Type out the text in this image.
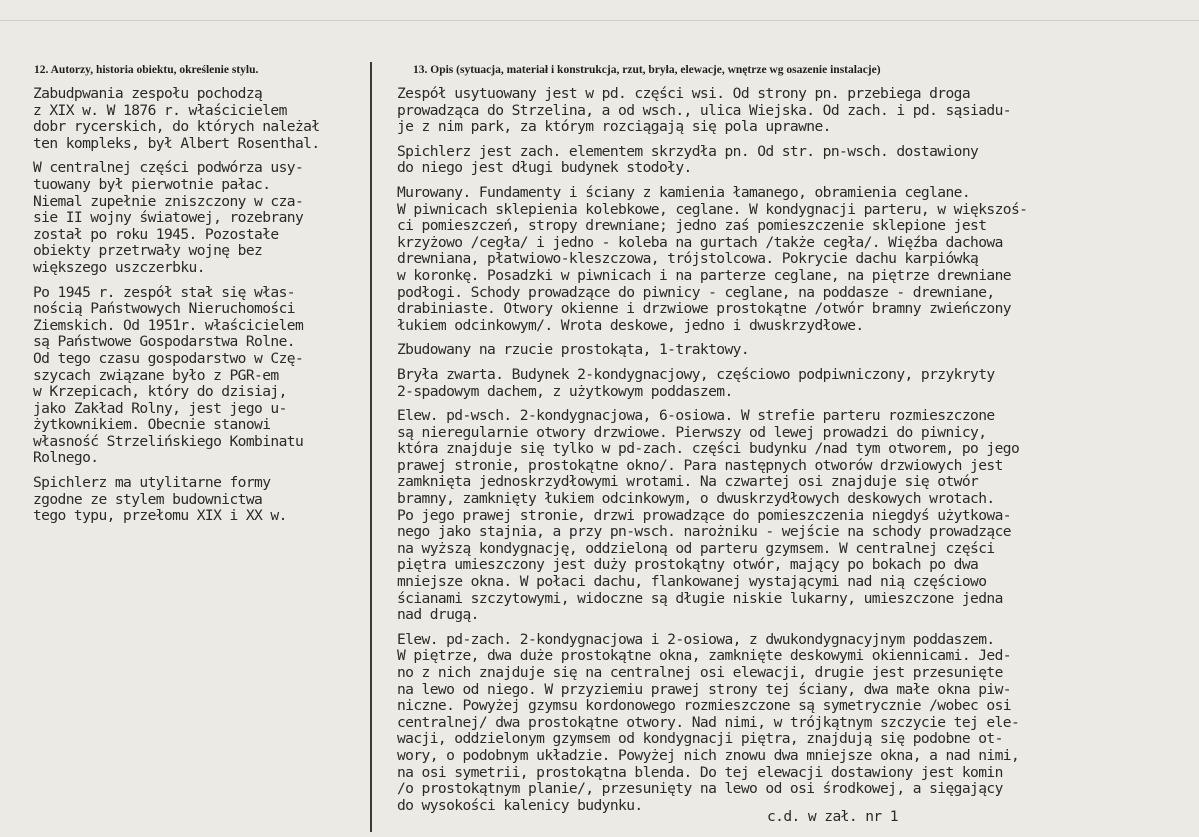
12. Autorzy, historia obiektu, określenie stylu.	13. Opis (sytuacja, materiał i konstrukcja, rzut, bryła, elewacje, wnętrze wg osazenie instalacje)
Zabudpwania zespołu pochodzą
z XIX w. W 1876 r. właścicielem
dobr rycerskich, do których należał
ten kompleks, był Albert Rosenthal.
W centralnej części podwórza usy-
tuowany był pierwotnie pałac.
Niemal zupełnie zniszczony w cza-
sie II wojny światowej, rozebrany
został po roku 1945. Pozostałe
obiekty przetrwały wojnę bez
większego uszczerbku.
Po 1945 r. zespół stał się włas-
nością Państwowych Nieruchomości
Ziemskich. Od 1951r. właścicielem
są Państwowe Gospodarstwa Rolne.
Od tego czasu gospodarstwo w Czę-
szycach związane było z PGR-em
w Krzepicach, który do dzisiaj,
jako Zakład Rolny, jest jego u-
żytkownikiem. Obecnie stanowi
własność Strzelińskiego Kombinatu
Rolnego.
Spichlerz ma utylitarne formy
zgodne ze stylem budownictwa
tego typu, przełomu XIX i XX w.
Zespół usytuowany jest w pd. części wsi. Od strony pn. przebiega droga
prowadząca do Strzelina, a od wsch., ulica Wiejska. Od zach. i pd. sąsiadu-
je z nim park, za którym rozciągają się pola uprawne.
Spichlerz jest zach. elementem skrzydła pn. Od str. pn-wsch. dostawiony
do niego jest długi budynek stodoły.
Murowany. Fundamenty i ściany z kamienia łamanego, obramienia ceglane.
W piwnicach sklepienia kolebkowe, ceglane. W kondygnacji parteru, w większoś-
ci pomieszczeń, stropy drewniane; jedno zaś pomieszczenie sklepione jest
krzyżowo /cegła/ i jedno - koleba na gurtach /także cegła/. Więźba dachowa
drewniana, płatwiowo-kleszczowa, trójstolcowa. Pokrycie dachu karpiówką
w koronkę. Posadzki w piwnicach i na parterze ceglane, na piętrze drewniane
podłogi. Schody prowadzące do piwnicy - ceglane, na poddasze - drewniane,
drabiniaste. Otwory okienne i drzwiowe prostokątne /otwór bramny zwieńczony
łukiem odcinkowym/. Wrota deskowe, jedno i dwuskrzydłowe.
Zbudowany na rzucie prostokąta, 1-traktowy.
Bryła zwarta. Budynek 2-kondygnacjowy, częściowo podpiwniczony, przykryty
2-spadowym dachem, z użytkowym poddaszem.
Elew. pd-wsch. 2-kondygnacjowa, 6-osiowa. W strefie parteru rozmieszczone
są nieregularnie otwory drzwiowe. Pierwszy od lewej prowadzi do piwnicy,
która znajduje się tylko w pd-zach. części budynku /nad tym otworem, po jego
prawej stronie, prostokątne okno/. Para następnych otworów drzwiowych jest
zamknięta jednoskrzydłowymi wrotami. Na czwartej osi znajduje się otwór
bramny, zamknięty łukiem odcinkowym, o dwuskrzydłowych deskowych wrotach.
Po jego prawej stronie, drzwi prowadzące do pomieszczenia niegdyś użytkowa-
nego jako stajnia, a przy pn-wsch. narożniku - wejście na schody prowadzące
na wyższą kondygnację, oddzieloną od parteru gzymsem. W centralnej części
piętra umieszczony jest duży prostokątny otwór, mający po bokach po dwa
mniejsze okna. W połaci dachu, flankowanej wystającymi nad nią częściowo
ścianami szczytowymi, widoczne są długie niskie lukarny, umieszczone jedna
nad drugą.
Elew. pd-zach. 2-kondygnacjowa i 2-osiowa, z dwukondygnacyjnym poddaszem.
W piętrze, dwa duże prostokątne okna, zamknięte deskowymi okiennicami. Jed-
no z nich znajduje się na centralnej osi elewacji, drugie jest przesunięte
na lewo od niego. W przyziemiu prawej strony tej ściany, dwa małe okna piw-
niczne. Powyżej gzymsu kordonowego rozmieszczone są symetrycznie /wobec osi
centralnej/ dwa prostokątne otwory. Nad nimi, w trójkątnym szczycie tej ele-
wacji, oddzielonym gzymsem od kondygnacji piętra, znajdują się podobne ot-
wory, o podobnym układzie. Powyżej nich znowu dwa mniejsze okna, a nad nimi,
na osi symetrii, prostokątna blenda. Do tej elewacji dostawiony jest komin
/o prostokątnym planie/, przesunięty na lewo od osi środkowej, a sięgający
do wysokości kalenicy budynku.
c.d. w zał. nr 1
